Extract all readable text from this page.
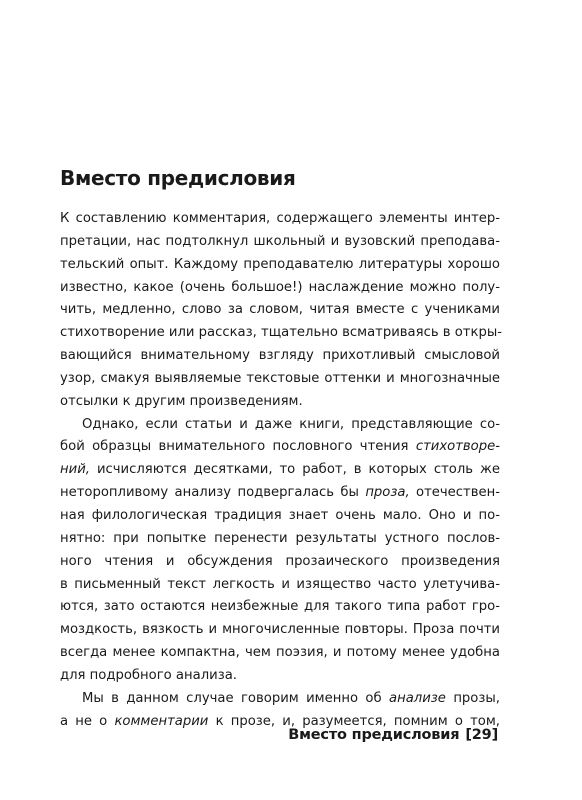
Вместо предисловия
К составлению комментария, содержащего элементы интер-
претации, нас подтолкнул школьный и вузовский преподава-
тельский опыт. Каждому преподавателю литературы хорошо
известно, какое (очень большое!) наслаждение можно полу-
чить, медленно, слово за словом, читая вместе с учениками
стихотворение или рассказ, тщательно всматриваясь в откры-
вающийся внимательному взгляду прихотливый смысловой
узор, смакуя выявляемые текстовые оттенки и многозначные
отсылки к другим произведениям.
Однако, если статьи и даже книги, представляющие со-
бой образцы внимательного пословного чтения стихотворе-
ний, исчисляются десятками, то работ, в которых столь же
неторопливому анализу подвергалась бы проза, отечествен-
ная филологическая традиция знает очень мало. Оно и по-
нятно: при попытке перенести результаты устного послов-
ного чтения и обсуждения прозаического произведения
в письменный текст легкость и изящество часто улетучива-
ются, зато остаются неизбежные для такого типа работ гро-
моздкость, вязкость и многочисленные повторы. Проза почти
всегда менее компактна, чем поэзия, и потому менее удобна
для подробного анализа.
Мы в данном случае говорим именно об анализе прозы,
а не о комментарии к прозе, и, разумеется, помним о том,
Вместо предисловия [29]
